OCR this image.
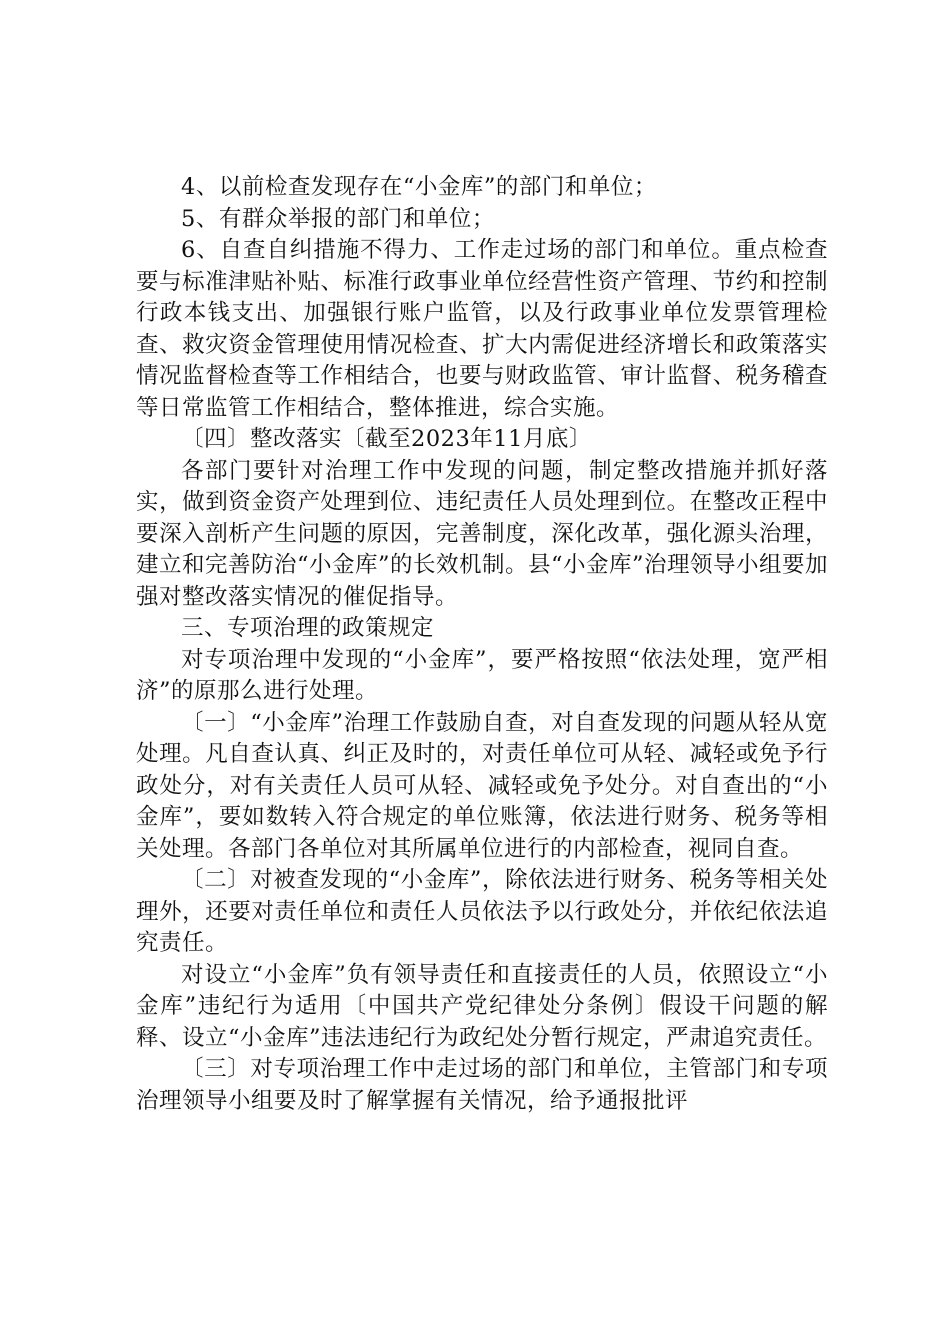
4、以前检查发现存在“小金库”的部门和单位；

5、有群众举报的部门和单位；

6、自查自纠措施不得力、工作走过场的部门和单位。重点检查要与标准津贴补贴、标准行政事业单位经营性资产管理、节约和控制行政本钱支出、加强银行账户监管，以及行政事业单位发票管理检查、救灾资金管理使用情况检查、扩大内需促进经济增长和政策落实情况监督检查等工作相结合，也要与财政监管、审计监督、税务稽查等日常监管工作相结合，整体推进，综合实施。

〔四〕整改落实〔截至2023年11月底〕

各部门要针对治理工作中发现的问题，制定整改措施并抓好落实，做到资金资产处理到位、违纪责任人员处理到位。在整改正程中要深入剖析产生问题的原因，完善制度，深化改革，强化源头治理，建立和完善防治“小金库”的长效机制。县“小金库”治理领导小组要加强对整改落实情况的催促指导。

三、专项治理的政策规定

对专项治理中发现的“小金库”，要严格按照“依法处理，宽严相济”的原那么进行处理。

〔一〕“小金库”治理工作鼓励自查，对自查发现的问题从轻从宽处理。凡自查认真、纠正及时的，对责任单位可从轻、减轻或免予行政处分，对有关责任人员可从轻、减轻或免予处分。对自查出的“小金库”，要如数转入符合规定的单位账簿，依法进行财务、税务等相关处理。各部门各单位对其所属单位进行的内部检查，视同自查。

〔二〕对被查发现的“小金库”，除依法进行财务、税务等相关处理外，还要对责任单位和责任人员依法予以行政处分，并依纪依法追究责任。

对设立“小金库”负有领导责任和直接责任的人员，依照设立“小金库”违纪行为适用〔中国共产党纪律处分条例〕假设干问题的解释、设立“小金库”违法违纪行为政纪处分暂行规定，严肃追究责任。

〔三〕对专项治理工作中走过场的部门和单位，主管部门和专项治理领导小组要及时了解掌握有关情况，给予通报批评
